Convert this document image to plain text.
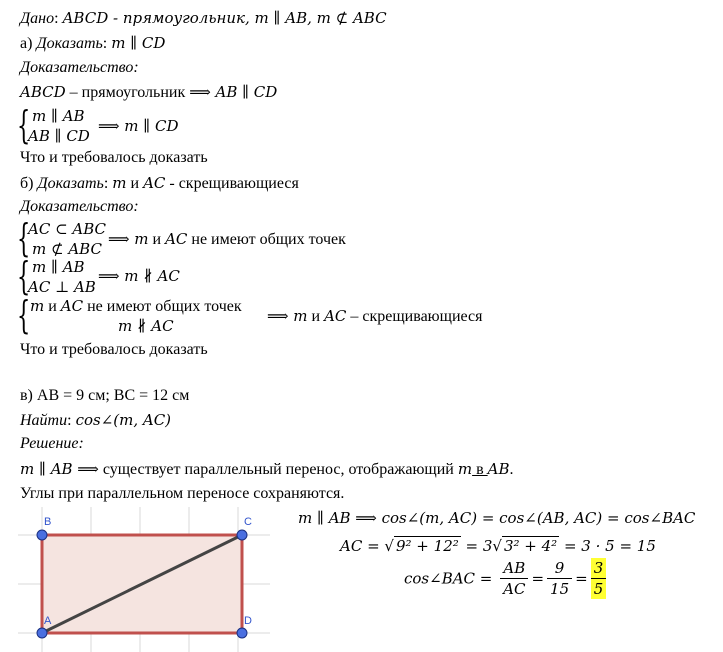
Дано: ABCD - прямоугольник, m ∥ AB, m ⊄ ABC
а) Доказать: m ∥ CD
Доказательство:
ABCD – прямоугольник ⟹ AB ∥ CD
{ m ∥ AB
AB ∥ CD
⟹ m ∥ CD
Что и требовалось доказать
б) Доказать: m и AC - скрещивающиеся
Доказательство:
{
AC ⊂ ABC
m ⊄ ABC
⟹ m и AC не имеют общих точек
{ m ∥ AB
AC ⊥ AB
⟹ m ∦ AC
{ m и AC не имеют общих точек
m ∦ AC
⟹ m и AC – скрещивающиеся
Что и требовалось доказать
в) AB = 9 см; BC = 12 см
Найти: cos∠(m, AC)
Решение:
m ∥ AB ⟹ существует параллельный перенос, отображающий m в AB.
Углы при параллельном переносе сохраняются.
m ∥ AB ⟹ cos∠(m, AC) = cos∠(AB, AC) = cos∠BAC
AC = √ 9² + 12² = 3√ 3² + 4² = 3 · 5 = 15
cos∠BAC = $\frac{AB}{AC} = \frac{9}{15} = \frac{3}{5}$
A
B	C
D
